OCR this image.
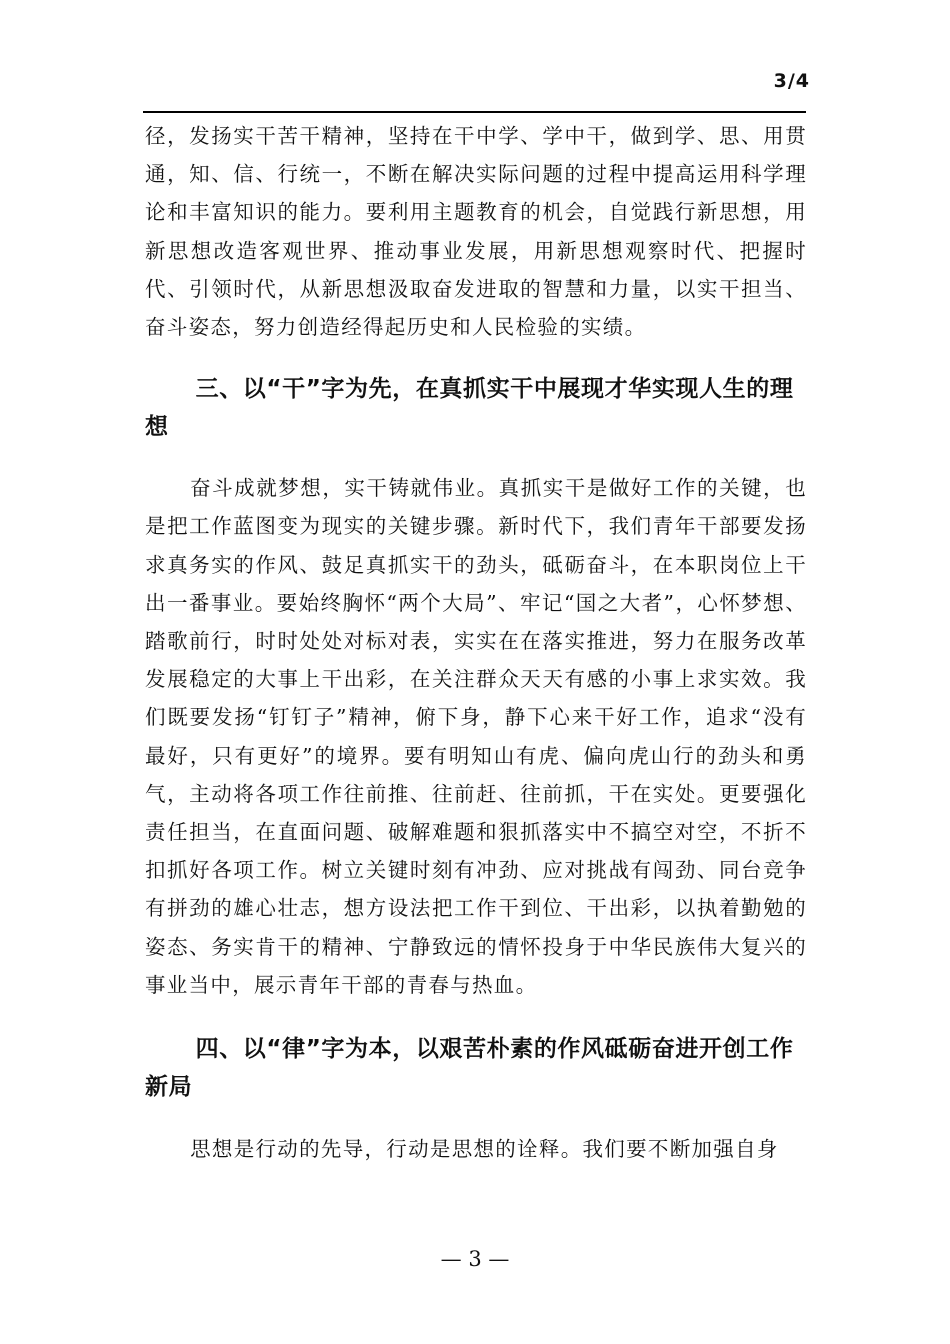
3/4

径，发扬实干苦干精神，坚持在干中学、学中干，做到学、思、用贯通，知、信、行统一，不断在解决实际问题的过程中提高运用科学理论和丰富知识的能力。要利用主题教育的机会，自觉践行新思想，用新思想改造客观世界、推动事业发展，用新思想观察时代、把握时代、引领时代，从新思想汲取奋发进取的智慧和力量，以实干担当、奋斗姿态，努力创造经得起历史和人民检验的实绩。

三、以“干”字为先，在真抓实干中展现才华实现人生的理想

奋斗成就梦想，实干铸就伟业。真抓实干是做好工作的关键，也是把工作蓝图变为现实的关键步骤。新时代下，我们青年干部要发扬求真务实的作风、鼓足真抓实干的劲头，砥砺奋斗，在本职岗位上干出一番事业。要始终胸怀“两个大局”、牢记“国之大者”，心怀梦想、踏歌前行，时时处处对标对表，实实在在落实推进，努力在服务改革发展稳定的大事上干出彩，在关注群众天天有感的小事上求实效。我们既要发扬“钉钉子”精神，俯下身，静下心来干好工作，追求“没有最好，只有更好”的境界。要有明知山有虎、偏向虎山行的劲头和勇气，主动将各项工作往前推、往前赶、往前抓，干在实处。更要强化责任担当，在直面问题、破解难题和狠抓落实中不搞空对空，不折不扣抓好各项工作。树立关键时刻有冲劲、应对挑战有闯劲、同台竞争有拼劲的雄心壮志，想方设法把工作干到位、干出彩，以执着勤勉的姿态、务实肯干的精神、宁静致远的情怀投身于中华民族伟大复兴的事业当中，展示青年干部的青春与热血。

四、以“律”字为本，以艰苦朴素的作风砥砺奋进开创工作新局

思想是行动的先导，行动是思想的诠释。我们要不断加强自身

— 3 —
